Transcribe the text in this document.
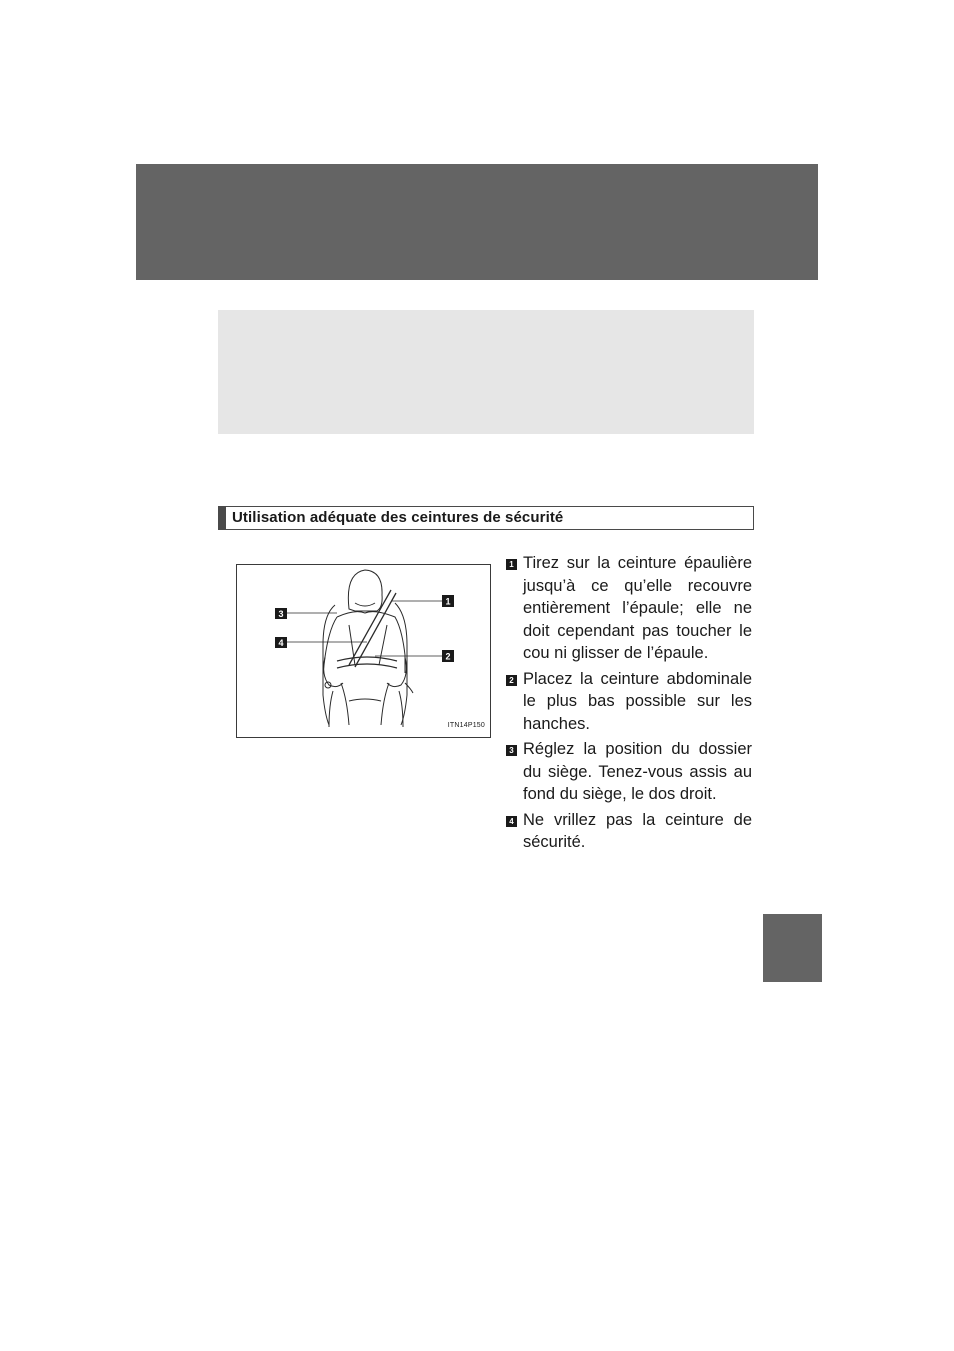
Utilisation adéquate des ceintures de sécurité
3
4
1
2
ITN14P150
1 Tirez sur la ceinture épaulière jusqu’à ce qu’elle recouvre entièrement l’épaule; elle ne doit cependant pas toucher le cou ni glisser de l’épaule.
2 Placez la ceinture abdominale le plus bas possible sur les hanches.
3 Réglez la position du dossier du siège. Tenez-vous assis au fond du siège, le dos droit.
4 Ne vrillez pas la ceinture de sécurité.
